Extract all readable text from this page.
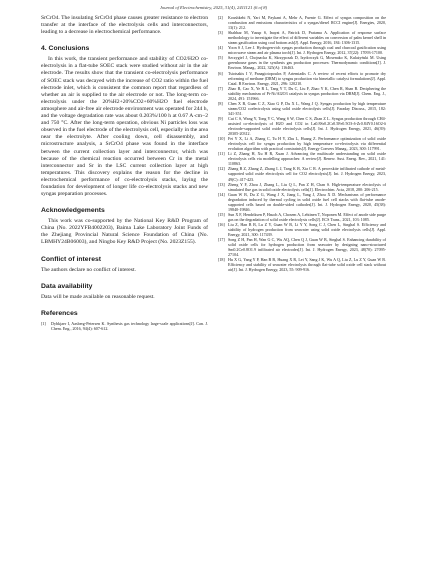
Journal of Electrochemistry, 2025, 31(4), 2411121 (6 of 8)

SrCrO4. The insulating SrCrO4 phase causes greater resistance to electron transfer at the interface of the electrolysis cells and interconnectors, leading to a decrease in electrochemical performance.

4. Conclusions

In this work, the transient performance and stability of CO2/H2O co-electrolysis in a flat-tube SOEC stack were studied without air in the air electrode. The results show that the transient co-electrolysis performance of SOEC stack was decayed with the increase of CO2 ratio within the fuel electrode inlet, which is consistent the common report that regardless of whether an air is supplied to the air electrode or not. The long-term co-electrolysis under the 20%H2+20%CO2+60%H2O fuel electrode atmosphere and air-free air electrode environment was operated for 244 h, and the voltage degradation rate was about 0.203%/100 h at 0.67 A·cm−2 and 750 °C. After the long-term operation, obvious Ni particles loss was observed in the fuel electrode of the electrolysis cell, especially in the area near the electrolyte. After cooling down, cell disassembly, and microstructure analysis, a SrCrO4 phase was found in the interface between the current collection layer and interconnector, which was because of the chemical reaction occurred between Cr in the metal interconnector and Sr in the LSC current collection layer at high temperatures. This discovery explains the reason for the decline in electrochemical performance of co-electrolysis stacks, laying the foundation for development of longer life co-electrolysis stacks and new syngas preparation processes.

Acknowledgements

This work was co-supported by the National Key R&D Program of China (No. 2022YFB4002203), Baima Lake Laboratory Joint Funds of the Zhejiang Provincial Natural Science Foundation of China (No. LBMHY24B06003), and Ningbo Key R&D Project (No. 2023Z155).

Conflict of interest

The authors declare no conflict of interest.

Data availability

Data will be made available on reasonable request.

References
[1]	Dybkjaer I, Aasberg-Petersen K. Synthesis gas technology large-scale applications[J]. Can. J. Chem. Eng., 2016, 94(4): 607-612.
[2]	Koushkehi N, Yari M, Paykani A, Mehr A, Fuente G. Effect of syngas composition on the combustion and emissions characteristics of a syngas/diesel RCCI engine[J]. Energies, 2020, 13(1): 212.
[3]	Shahbaz M, Yusup S, Inayat A, Patrick D, Pratama A. Application of response surface methodology to investigate the effect of different variables on conversion of palm kernel shell in steam gasification using coal bottom ash[J]. Appl. Energy, 2016, 184: 1306-1315.
[4]	Yoon S J, Lee J. Hydrogen-rich syngas production through coal and charcoal gasification using microwave steam and air plasma torch[J]. Int. J. Hydrogen Energy, 2012, 37(22): 17093-17100.
[5]	Szczygiel J, Chojnacka K, Skrzypczak D, Izydorczyk G, Mosenako K, Kulażyński M. Using greenhouse gases in the synthesis gas production processes: Thermodynamic conditions[J]. J. Environ. Manag., 2022, 325(A): 116463.
[6]	Tsiotsakis I V, Panagiotopoulos P, Artemiadis C. A review of recent efforts to promote dry reforming of methane (DRM) to syngas production via bimetallic catalyst formulations[J]. Appl. Catal. B Environ. Energy, 2021, 296: 120210.
[7]	Zhao R, Cao X, Ye R L, Tang Y T, Du C, Liu F, Zhao Y K, Chen R, Shan B. Deciphering the stability mechanism of Pt-Ni/Al2O3 catalysts in syngas production via DRM[J]. Chem. Eng. J., 2024, 491: 151966.
[8]	Chen X B, Guan C Z, Xiao G P, Du X L, Wang J Q. Syngas production by high temperature steam/CO2 coelectrolysis using solid oxide electrolysis cells[J]. Faraday Discuss., 2015, 182: 341-351.
[9]	Cui C S, Wang Y, Tong Y C, Wang S W, Chen C S, Zhan Z L. Syngas production through CH4-assisted co-electrolysis of H2O and CO2 in La0.8Sr0.2Cr0.5Fe0.5O3-δ-Zr0.84Y0.16O2-δ electrode-supported solid oxide electrolysis cells[J]. Int. J. Hydrogen Energy, 2021, 46(39): 20305-20312.
[10] Fei Y X, Li A, Zhang C, Tu H Y, Zhu L, Huang Z. Performance optimization of solid oxide electrolysis cell for syngas production by high temperature co-electrolysis via differential evolution algorithm with practical constraints[J]. Energy Convers Manag., 2023, 300: 117991.
[11] Li Z, Zhang H, Xu H R, Xuan J. Advancing the multiscale understanding on solid oxide electrolysis cells via modelling approaches: A review[J]. Renew. Sust. Energ. Rev., 2021, 141: 110863.
[12] Zhang B Z, Zhang Z, Zhang L J, Tang K B, Xia C R. A perovskite infiltrated cathode of metal-supported solid oxide electrolysis cell for CO2 electrolysis[J]. Int. J. Hydrogen Energy, 2023, 49(C): 417-423.
[13] Zheng Y F, Zhou J, Zhang L, Liu Q L, Pan Z H, Chan S. High-temperature electrolysis of simulated flue gas in solid oxide electrolysis cells[J]. Electrochim. Acta, 2018, 280: 206-215.
[14] Guan W B, Du Z G, Wang J X, Jiang L, Yang J, Zhou X D. Mechanisms of performance degradation induced by thermal cycling in solid oxide fuel cell stacks with flat-tube anode-supported cells based on double-sided cathodes[J]. Int. J. Hydrogen Energy, 2020, 45(38): 19840-19846.
[15] Sun X F, Hendriksen P, Hauch A, Chosem A, Lehtinen T, Noponen M. Effect of anode side purge gas on the degradation of solid oxide electrolysis cells[J]. ECS Trans., 2021, 103: 1085.
[16] Liu Z, Han B B, Lu Z Y, Guan W B, Li Y Y, Song C J, Chen L, Singhal S. Efficiency and stability of hydrogen production from seawater using solid oxide electrolysis cells[J]. Appl. Energy, 2021, 300: 117439.
[17] Song Z H, Pan H, Wan G C, Wu AQ, Chen Q J, Guan W B, Singhal S. Enhancing durability of solid oxide cells for hydrogen production from seawater by designing nano-structured Sm0.2Ce0.8O1.9 infiltrated air electrodes[J]. Int. J. Hydrogen Energy, 2023, 48(70): 27095-27104.
[18] Hu X G, Yang Y P, Han B B, Huang X R, Lei Y, Sang J K, Wu A Q, Liu Z, Lu Z Y, Guan W B. Efficiency and stability of seawater electrolysis through flat-tube solid oxide cell stack without air[J]. Int. J. Hydrogen Energy, 2023, 55: 909-916.
